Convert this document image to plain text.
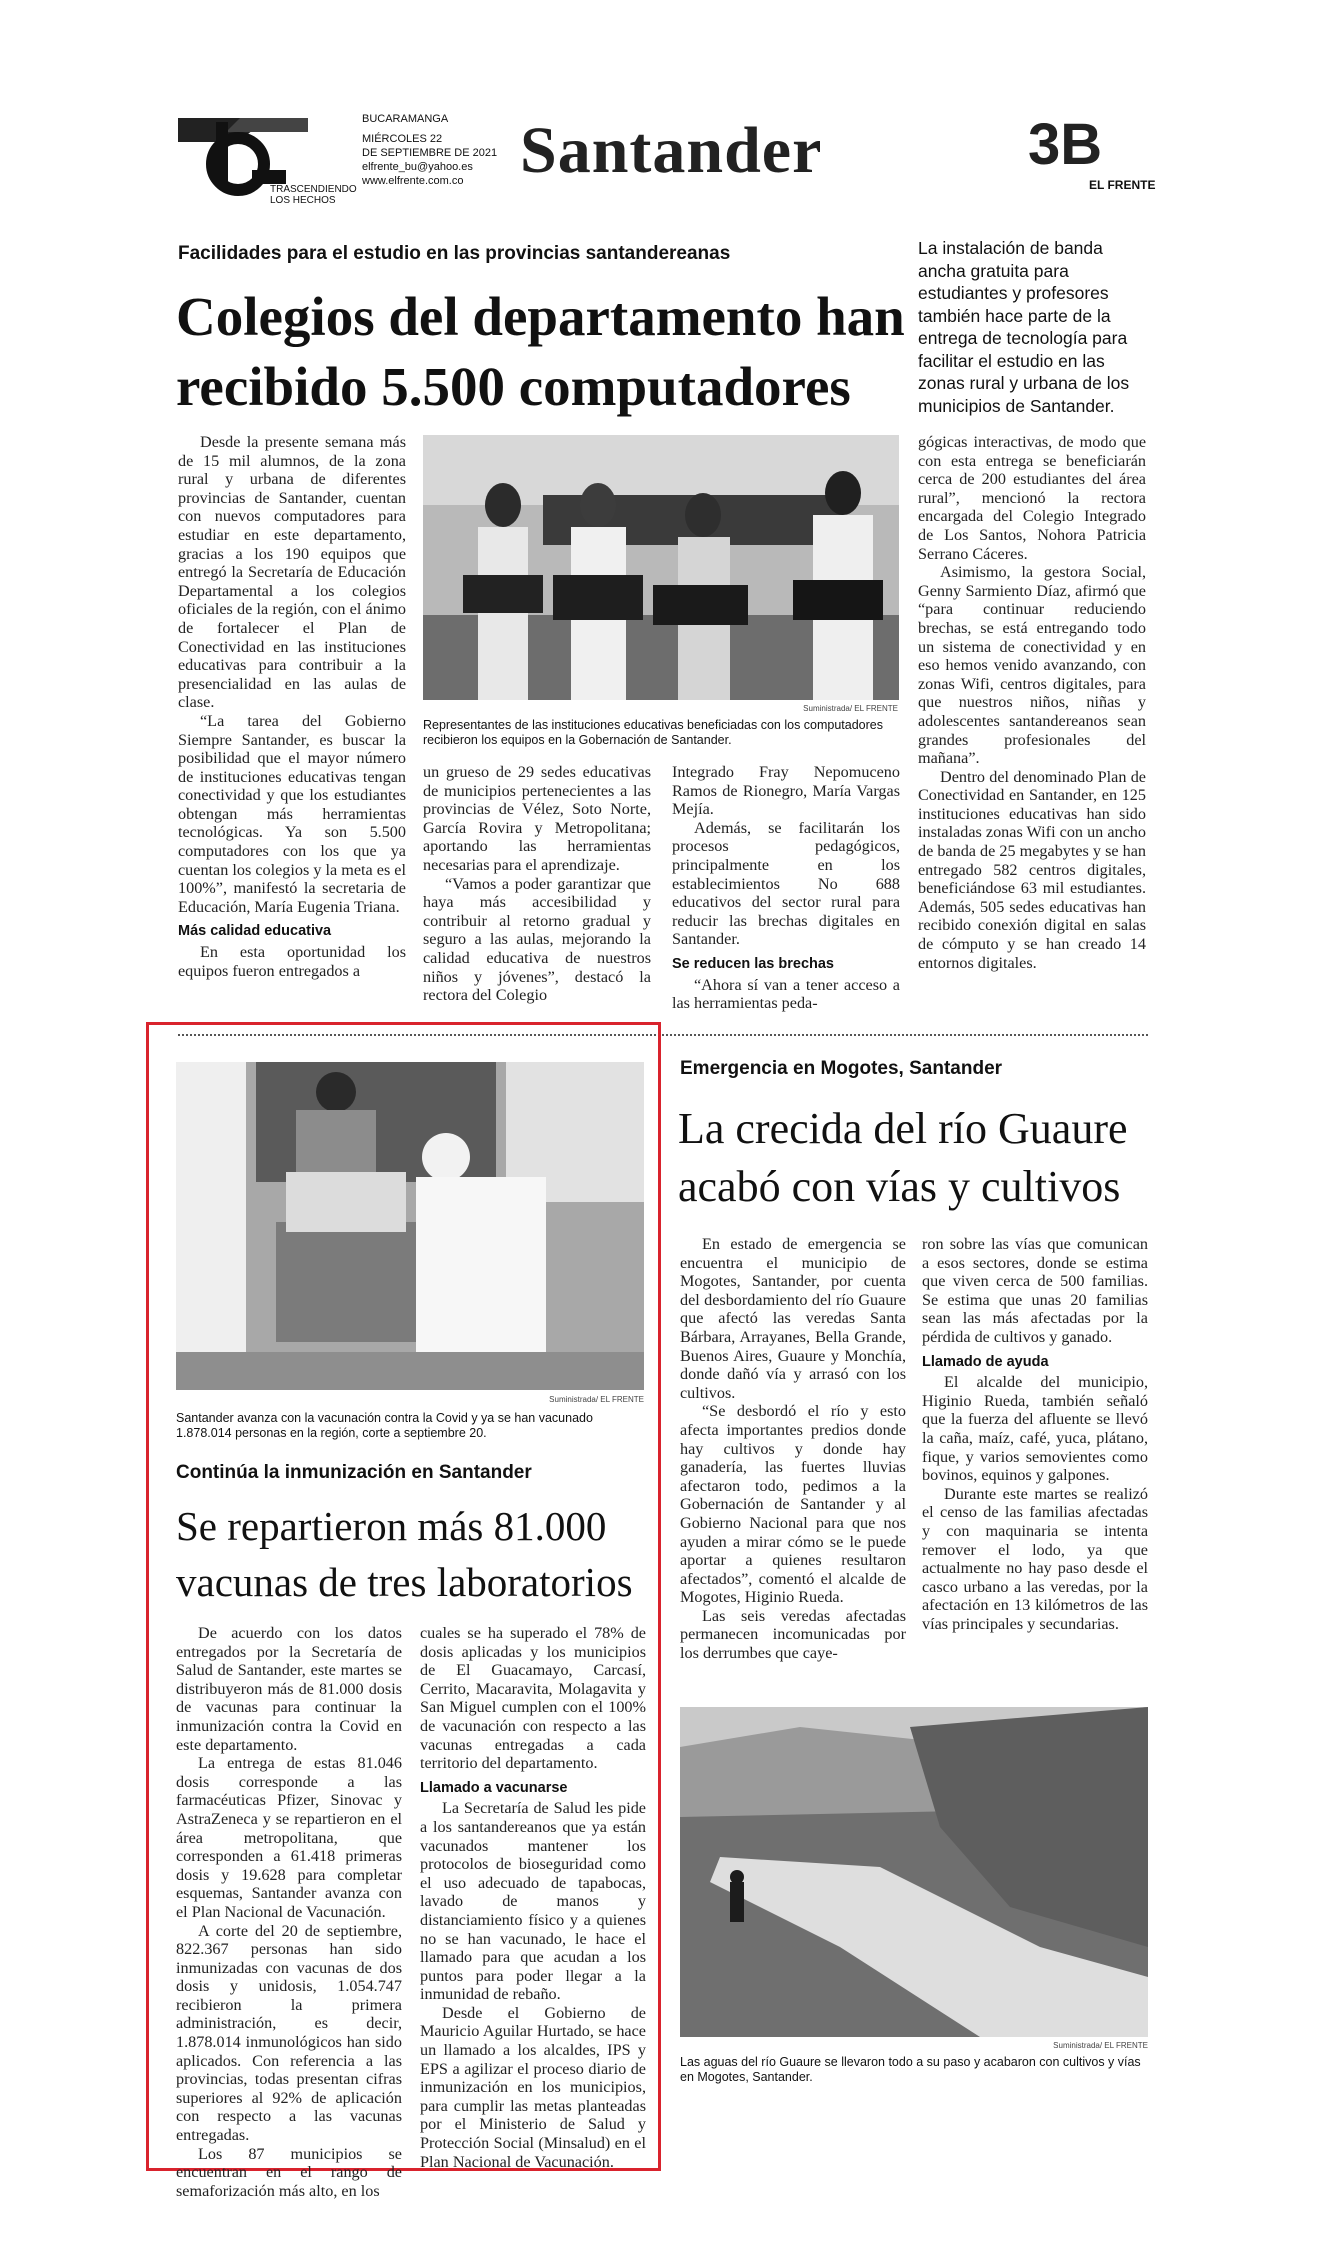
TRASCENDIENDO
LOS HECHOS
BUCARAMANGA
MIÉRCOLES 22
DE SEPTIEMBRE DE 2021
elfrente_bu@yahoo.es
www.elfrente.com.co Santander	3B
EL FRENTE
Facilidades para el estudio en las provincias santandereanas
Colegios del departamento han
recibido 5.500 computadores
La instalación de banda ancha gratuita para estudiantes y profesores también hace parte de la entrega de tecnología para facilitar el estudio en las zonas rural y urbana de los municipios de Santander.

Desde la presente semana más de 15 mil alumnos, de la zona rural y urbana de diferentes provincias de Santander, cuentan con nuevos computadores para estudiar en este departamento, gracias a los 190 equipos que entregó la Secretaría de Educación Departamental a los colegios oficiales de la región, con el ánimo de fortalecer el Plan de Conectividad en las instituciones educativas para contribuir a la presencialidad en las aulas de clase.

“La tarea del Gobierno Siempre Santander, es buscar la posibilidad que el mayor número de instituciones educativas tengan conectividad y que los estudiantes obtengan más herramientas tecnológicas. Ya son 5.500 computadores con los que ya cuentan los colegios y la meta es el 100%”, manifestó la secretaria de Educación, María Eugenia Triana.

Más calidad educativa

En esta oportunidad los equipos fueron entregados a

Suministrada/ EL FRENTE
Representantes de las instituciones educativas beneficiadas con los computadores recibieron los equipos en la Gobernación de Santander.

un grueso de 29 sedes educativas de municipios pertenecientes a las provincias de Vélez, Soto Norte, García Rovira y Metropolitana; aportando las herramientas necesarias para el aprendizaje.

“Vamos a poder garantizar que haya más accesibilidad y contribuir al retorno gradual y seguro a las aulas, mejorando la calidad educativa de nuestros niños y jóvenes”, destacó la rectora del Colegio

Integrado Fray Nepomuceno Ramos de Rionegro, María Vargas Mejía.

Además, se facilitarán los procesos pedagógicos, principalmente en los establecimientos No 688 educativos del sector rural para reducir las brechas digitales en Santander.

Se reducen las brechas

“Ahora sí van a tener acceso a las herramientas peda-

gógicas interactivas, de modo que con esta entrega se beneficiarán cerca de 200 estudiantes del área rural”, mencionó la rectora encargada del Colegio Integrado de Los Santos, Nohora Patricia Serrano Cáceres.

Asimismo, la gestora Social, Genny Sarmiento Díaz, afirmó que “para continuar reduciendo brechas, se está entregando todo un sistema de conectividad y en eso hemos venido avanzando, con zonas Wifi, centros digitales, para que nuestros niños, niñas y adolescentes santandereanos sean grandes profesionales del mañana”.

Dentro del denominado Plan de Conectividad en Santander, en 125 instituciones educativas han sido instaladas zonas Wifi con un ancho de banda de 25 megabytes y se han entregado 582 centros digitales, beneficiándose 63 mil estudiantes. Además, 505 sedes educativas han recibido conexión digital en salas de cómputo y se han creado 14 entornos digitales.

Suministrada/ EL FRENTE
Santander avanza con la vacunación contra la Covid y ya se han vacunado 1.878.014 personas en la región, corte a septiembre 20.
Continúa la inmunización en Santander
Se repartieron más 81.000
vacunas de tres laboratorios

De acuerdo con los datos entregados por la Secretaría de Salud de Santander, este martes se distribuyeron más de 81.000 dosis de vacunas para continuar la inmunización contra la Covid en este departamento.

La entrega de estas 81.046 dosis corresponde a las farmacéuticas Pfizer, Sinovac y AstraZeneca y se repartieron en el área metropolitana, que corresponden a 61.418 primeras dosis y 19.628 para completar esquemas, Santander avanza con el Plan Nacional de Vacunación.

A corte del 20 de septiembre, 822.367 personas han sido inmunizadas con vacunas de dos dosis y unidosis, 1.054.747 recibieron la primera administración, es decir, 1.878.014 inmunológicos han sido aplicados. Con referencia a las provincias, todas presentan cifras superiores al 92% de aplicación con respecto a las vacunas entregadas.

Los 87 municipios se encuentran en el rango de semaforización más alto, en los

cuales se ha superado el 78% de dosis aplicadas y los municipios de El Guacamayo, Carcasí, Cerrito, Macaravita, Molagavita y San Miguel cumplen con el 100% de vacunación con respecto a las vacunas entregadas a cada territorio del departamento.

Llamado a vacunarse

La Secretaría de Salud les pide a los santandereanos que ya están vacunados mantener los protocolos de bioseguridad como el uso adecuado de tapabocas, lavado de manos y distanciamiento físico y a quienes no se han vacunado, le hace el llamado para que acudan a los puntos para poder llegar a la inmunidad de rebaño.

Desde el Gobierno de Mauricio Aguilar Hurtado, se hace un llamado a los alcaldes, IPS y EPS a agilizar el proceso diario de inmunización en los municipios, para cumplir las metas planteadas por el Ministerio de Salud y Protección Social (Minsalud) en el Plan Nacional de Vacunación.

Emergencia en Mogotes, Santander
La crecida del río Guaure
acabó con vías y cultivos

En estado de emergencia se encuentra el municipio de Mogotes, Santander, por cuenta del desbordamiento del río Guaure que afectó las veredas Santa Bárbara, Arrayanes, Bella Grande, Buenos Aires, Guaure y Monchía, donde dañó vía y arrasó con los cultivos.

“Se desbordó el río y esto afecta importantes predios donde hay cultivos y donde hay ganadería, las fuertes lluvias afectaron todo, pedimos a la Gobernación de Santander y al Gobierno Nacional para que nos ayuden a mirar cómo se le puede aportar a quienes resultaron afectados”, comentó el alcalde de Mogotes, Higinio Rueda.

Las seis veredas afectadas permanecen incomunicadas por los derrumbes que caye-

ron sobre las vías que comunican a esos sectores, donde se estima que viven cerca de 500 familias. Se estima que unas 20 familias sean las más afectadas por la pérdida de cultivos y ganado.

Llamado de ayuda

El alcalde del municipio, Higinio Rueda, también señaló que la fuerza del afluente se llevó la caña, maíz, café, yuca, plátano, fique, y varios semovientes como bovinos, equinos y galpones.

Durante este martes se realizó el censo de las familias afectadas y con maquinaria se intenta remover el lodo, ya que actualmente no hay paso desde el casco urbano a las veredas, por la afectación en 13 kilómetros de las vías principales y secundarias.

Suministrada/ EL FRENTE
Las aguas del río Guaure se llevaron todo a su paso y acabaron con cultivos y vías en Mogotes, Santander.
